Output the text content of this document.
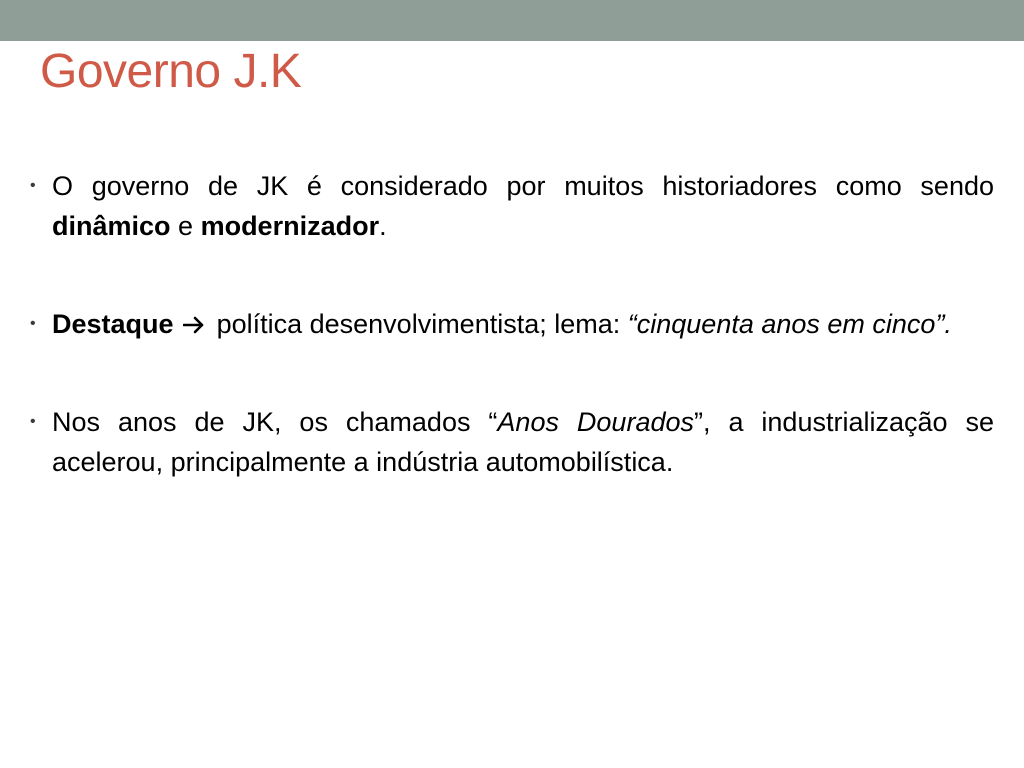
Governo J.K
• O governo de JK é considerado por muitos historiadores como sendo dinâmico e modernizador.
• Destaque  política desenvolvimentista; lema: “cinquenta anos em cinco”.
• Nos anos de JK, os chamados “Anos Dourados”, a industrialização se acelerou, principalmente a indústria automobilística.
